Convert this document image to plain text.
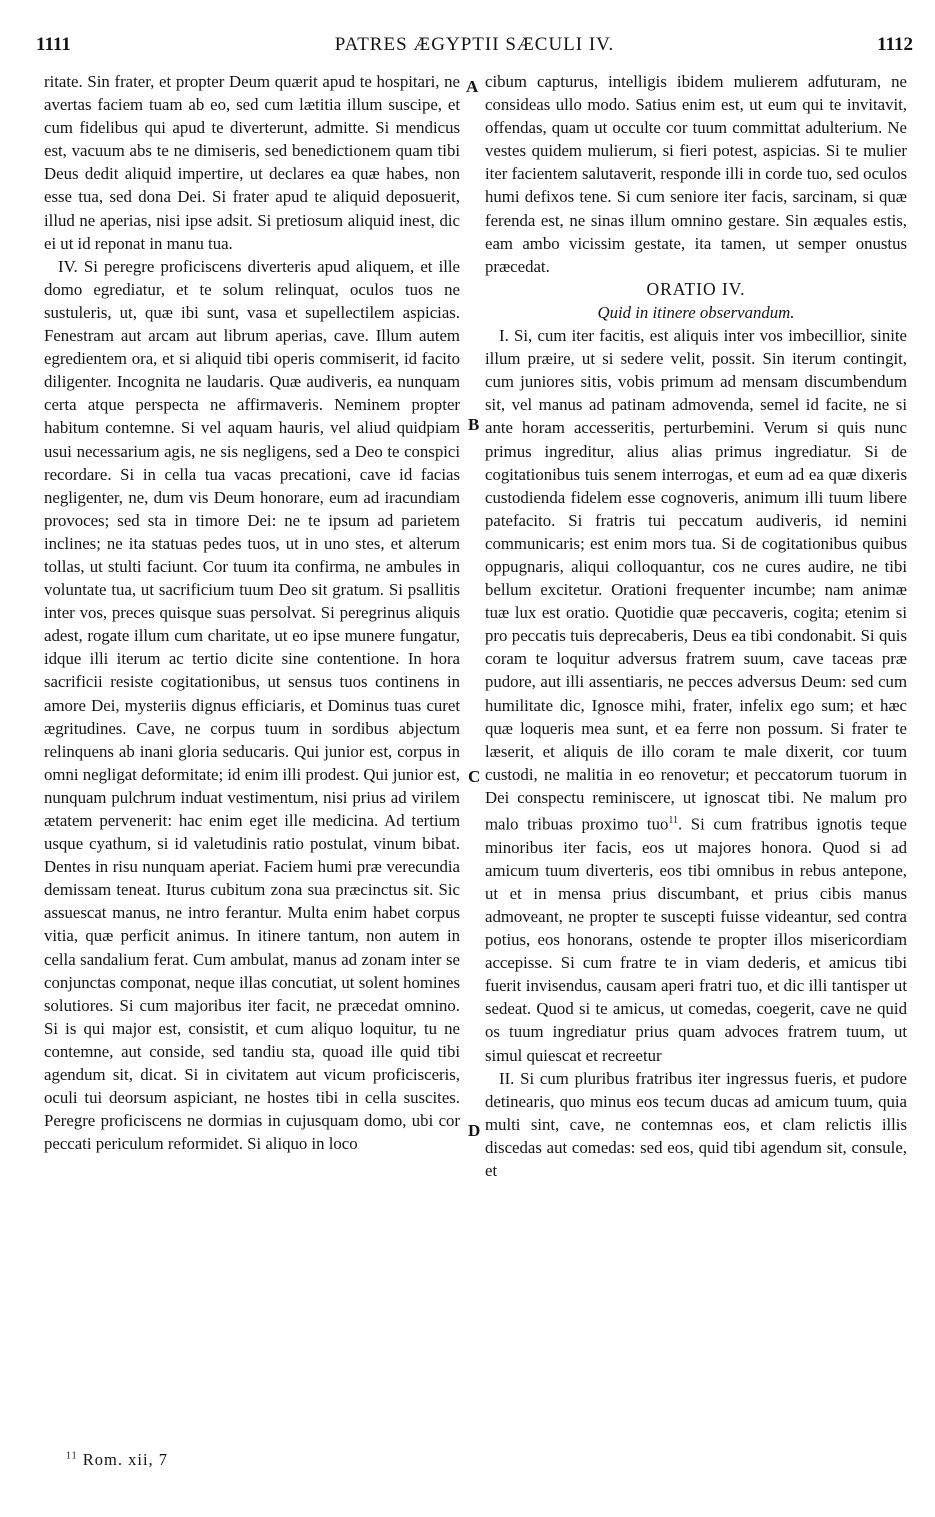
1111	PATRES ÆGYPTII SÆCULI IV.	1112

ritate. Sin frater, et propter Deum quærit apud te hospitari, ne avertas faciem tuam ab eo, sed cum lætitia illum suscipe, et cum fidelibus qui apud te diverterunt, admitte. Si mendicus est, vacuum abs te ne dimiseris, sed benedictionem quam tibi Deus dedit aliquid impertire, ut declares ea quæ habes, non esse tua, sed dona Dei. Si frater apud te aliquid deposuerit, illud ne aperias, nisi ipse adsit. Si pretiosum aliquid inest, dic ei ut id reponat in manu tua.

IV. Si peregre proficiscens diverteris apud aliquem, et ille domo egrediatur, et te solum relinquat, oculos tuos ne sustuleris, ut, quæ ibi sunt, vasa et supellectilem aspicias. Fenestram aut arcam aut librum aperias, cave. Illum autem egredientem ora, et si aliquid tibi operis commiserit, id facito diligenter. Incognita ne laudaris. Quæ audiveris, ea nunquam certa atque perspecta ne affirmaveris. Neminem propter habitum contemne. Si vel aquam hauris, vel aliud quidpiam usui necessarium agis, ne sis negligens, sed a Deo te conspici recordare. Si in cella tua vacas precationi, cave id facias negligenter, ne, dum vis Deum honorare, eum ad iracundiam provoces; sed sta in timore Dei: ne te ipsum ad parietem inclines; ne ita statuas pedes tuos, ut in uno stes, et alterum tollas, ut stulti faciunt. Cor tuum ita confirma, ne ambules in voluntate tua, ut sacrificium tuum Deo sit gratum. Si psallitis inter vos, preces quisque suas persolvat. Si peregrinus aliquis adest, rogate illum cum charitate, ut eo ipse munere fungatur, idque illi iterum ac tertio dicite sine contentione. In hora sacrificii resiste cogitationibus, ut sensus tuos continens in amore Dei, mysteriis dignus efficiaris, et Dominus tuas curet ægritudines. Cave, ne corpus tuum in sordibus abjectum relinquens ab inani gloria seducaris. Qui junior est, corpus in omni negligat deformitate; id enim illi prodest. Qui junior est, nunquam pulchrum induat vestimentum, nisi prius ad virilem ætatem pervenerit: hac enim eget ille medicina. Ad tertium usque cyathum, si id valetudinis ratio postulat, vinum bibat. Dentes in risu nunquam aperiat. Faciem humi præ verecundia demissam teneat. Iturus cubitum zona sua præcinctus sit. Sic assuescat manus, ne intro ferantur. Multa enim habet corpus vitia, quæ perficit animus. In itinere tantum, non autem in cella sandalium ferat. Cum ambulat, manus ad zonam inter se conjunctas componat, neque illas concutiat, ut solent homines solutiores. Si cum majoribus iter facit, ne præcedat omnino. Si is qui major est, consistit, et cum aliquo loquitur, tu ne contemne, aut conside, sed tandiu sta, quoad ille quid tibi agendum sit, dicat. Si in civitatem aut vicum proficisceris, oculi tui deorsum aspiciant, ne hostes tibi in cella suscites. Peregre proficiscens ne dormias in cujusquam domo, ubi cor peccati periculum reformidet. Si aliquo in loco

cibum capturus, intelligis ibidem mulierem adfuturam, ne consideas ullo modo. Satius enim est, ut eum qui te invitavit, offendas, quam ut occulte cor tuum committat adulterium. Ne vestes quidem mulierum, si fieri potest, aspicias. Si te mulier iter facientem salutaverit, responde illi in corde tuo, sed oculos humi defixos tene. Si cum seniore iter facis, sarcinam, si quæ ferenda est, ne sinas illum omnino gestare. Sin æquales estis, eam ambo vicissim gestate, ita tamen, ut semper onustus præcedat.

ORATIO IV.

Quid in itinere observandum.

I. Si, cum iter facitis, est aliquis inter vos imbecillior, sinite illum præire, ut si sedere velit, possit. Sin iterum contingit, cum juniores sitis, vobis primum ad mensam discumbendum sit, vel manus ad patinam admovenda, semel id facite, ne si ante horam accesseritis, perturbemini. Verum si quis nunc primus ingreditur, alius alias primus ingrediatur. Si de cogitationibus tuis senem interrogas, et eum ad ea quæ dixeris custodienda fidelem esse cognoveris, animum illi tuum libere patefacito. Si fratris tui peccatum audiveris, id nemini communicaris; est enim mors tua. Si de cogitationibus quibus oppugnaris, aliqui colloquantur, cos ne cures audire, ne tibi bellum excitetur. Orationi frequenter incumbe; nam animæ tuæ lux est oratio. Quotidie quæ peccaveris, cogita; etenim si pro peccatis tuis deprecaberis, Deus ea tibi condonabit. Si quis coram te loquitur adversus fratrem suum, cave taceas præ pudore, aut illi assentiaris, ne pecces adversus Deum: sed cum humilitate dic, Ignosce mihi, frater, infelix ego sum; et hæc quæ loqueris mea sunt, et ea ferre non possum. Si frater te læserit, et aliquis de illo coram te male dixerit, cor tuum custodi, ne malitia in eo renovetur; et peccatorum tuorum in Dei conspectu reminiscere, ut ignoscat tibi. Ne malum pro malo tribuas proximo tuo$^{11}$. Si cum fratribus ignotis teque minoribus iter facis, eos ut majores honora. Quod si ad amicum tuum diverteris, eos tibi omnibus in rebus antepone, ut et in mensa prius discumbant, et prius cibis manus admoveant, ne propter te suscepti fuisse videantur, sed contra potius, eos honorans, ostende te propter illos misericordiam accepisse. Si cum fratre te in viam dederis, et amicus tibi fuerit invisendus, causam aperi fratri tuo, et dic illi tantisper ut sedeat. Quod si te amicus, ut comedas, coegerit, cave ne quid os tuum ingrediatur prius quam advoces fratrem tuum, ut simul quiescat et recreetur

II. Si cum pluribus fratribus iter ingressus fueris, et pudore detinearis, quo minus eos tecum ducas ad amicum tuum, quia multi sint, cave, ne contemnas eos, et clam relictis illis discedas aut comedas: sed eos, quid tibi agendum sit, consule, et

A
B
C
D
$^{11}$ Rom. xii, 7
